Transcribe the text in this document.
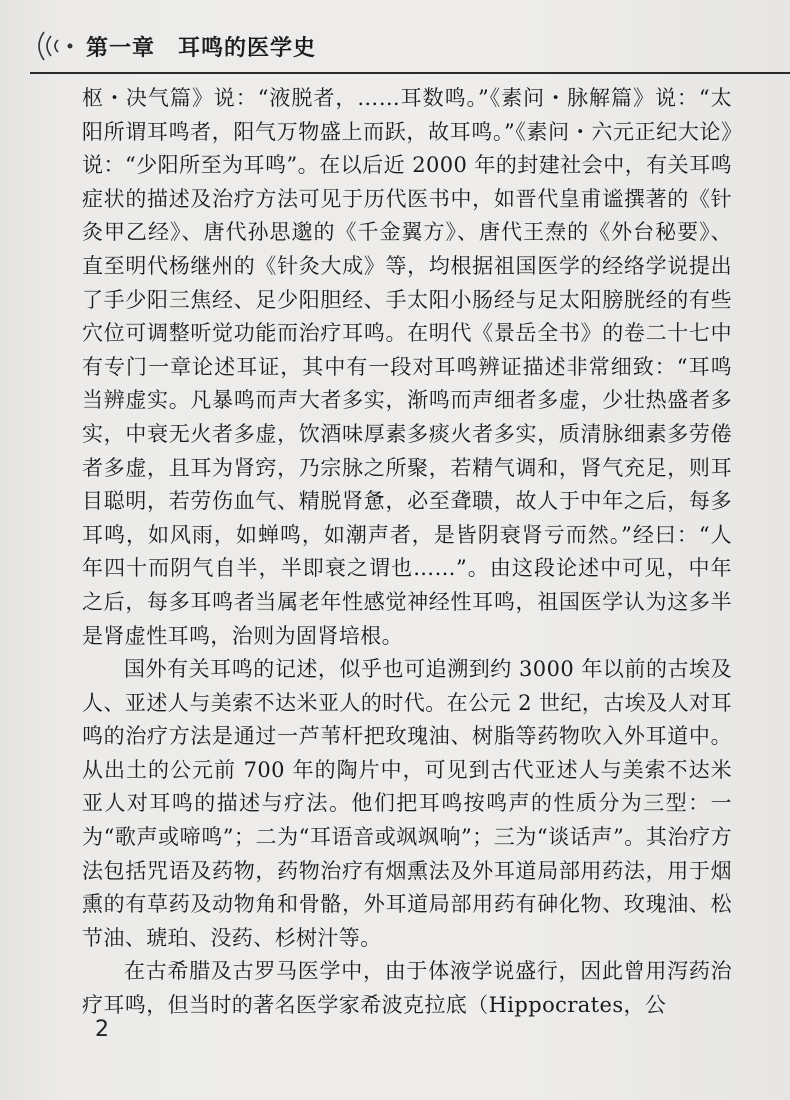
第一章　耳鸣的医学史

枢・决气篇》说：“液脱者，……耳数鸣。”《素问・脉解篇》说：“太阳所谓耳鸣者，阳气万物盛上而跃，故耳鸣。”《素问・六元正纪大论》说：“少阳所至为耳鸣”。在以后近 2000 年的封建社会中，有关耳鸣症状的描述及治疗方法可见于历代医书中，如晋代皇甫谧撰著的《针灸甲乙经》、唐代孙思邈的《千金翼方》、唐代王焘的《外台秘要》、直至明代杨继州的《针灸大成》等，均根据祖国医学的经络学说提出了手少阳三焦经、足少阳胆经、手太阳小肠经与足太阳膀胱经的有些穴位可调整听觉功能而治疗耳鸣。在明代《景岳全书》的卷二十七中有专门一章论述耳证，其中有一段对耳鸣辨证描述非常细致：“耳鸣当辨虚实。凡暴鸣而声大者多实，渐鸣而声细者多虚，少壮热盛者多实，中衰无火者多虚，饮酒味厚素多痰火者多实，质清脉细素多劳倦者多虚，且耳为肾窍，乃宗脉之所聚，若精气调和，肾气充足，则耳目聪明，若劳伤血气、精脱肾惫，必至聋聩，故人于中年之后，每多耳鸣，如风雨，如蝉鸣，如潮声者，是皆阴衰肾亏而然。”经曰：“人年四十而阴气自半，半即衰之谓也……”。由这段论述中可见，中年之后，每多耳鸣者当属老年性感觉神经性耳鸣，祖国医学认为这多半是肾虚性耳鸣，治则为固肾培根。

国外有关耳鸣的记述，似乎也可追溯到约 3000 年以前的古埃及人、亚述人与美索不达米亚人的时代。在公元 2 世纪，古埃及人对耳鸣的治疗方法是通过一芦苇杆把玫瑰油、树脂等药物吹入外耳道中。从出土的公元前 700 年的陶片中，可见到古代亚述人与美索不达米亚人对耳鸣的描述与疗法。他们把耳鸣按鸣声的性质分为三型：一为“歌声或啼鸣”；二为“耳语音或飒飒响”；三为“谈话声”。其治疗方法包括咒语及药物，药物治疗有烟熏法及外耳道局部用药法，用于烟熏的有草药及动物角和骨骼，外耳道局部用药有砷化物、玫瑰油、松节油、琥珀、没药、杉树汁等。

在古希腊及古罗马医学中，由于体液学说盛行，因此曾用泻药治疗耳鸣，但当时的著名医学家希波克拉底（Hippocrates，公

2
